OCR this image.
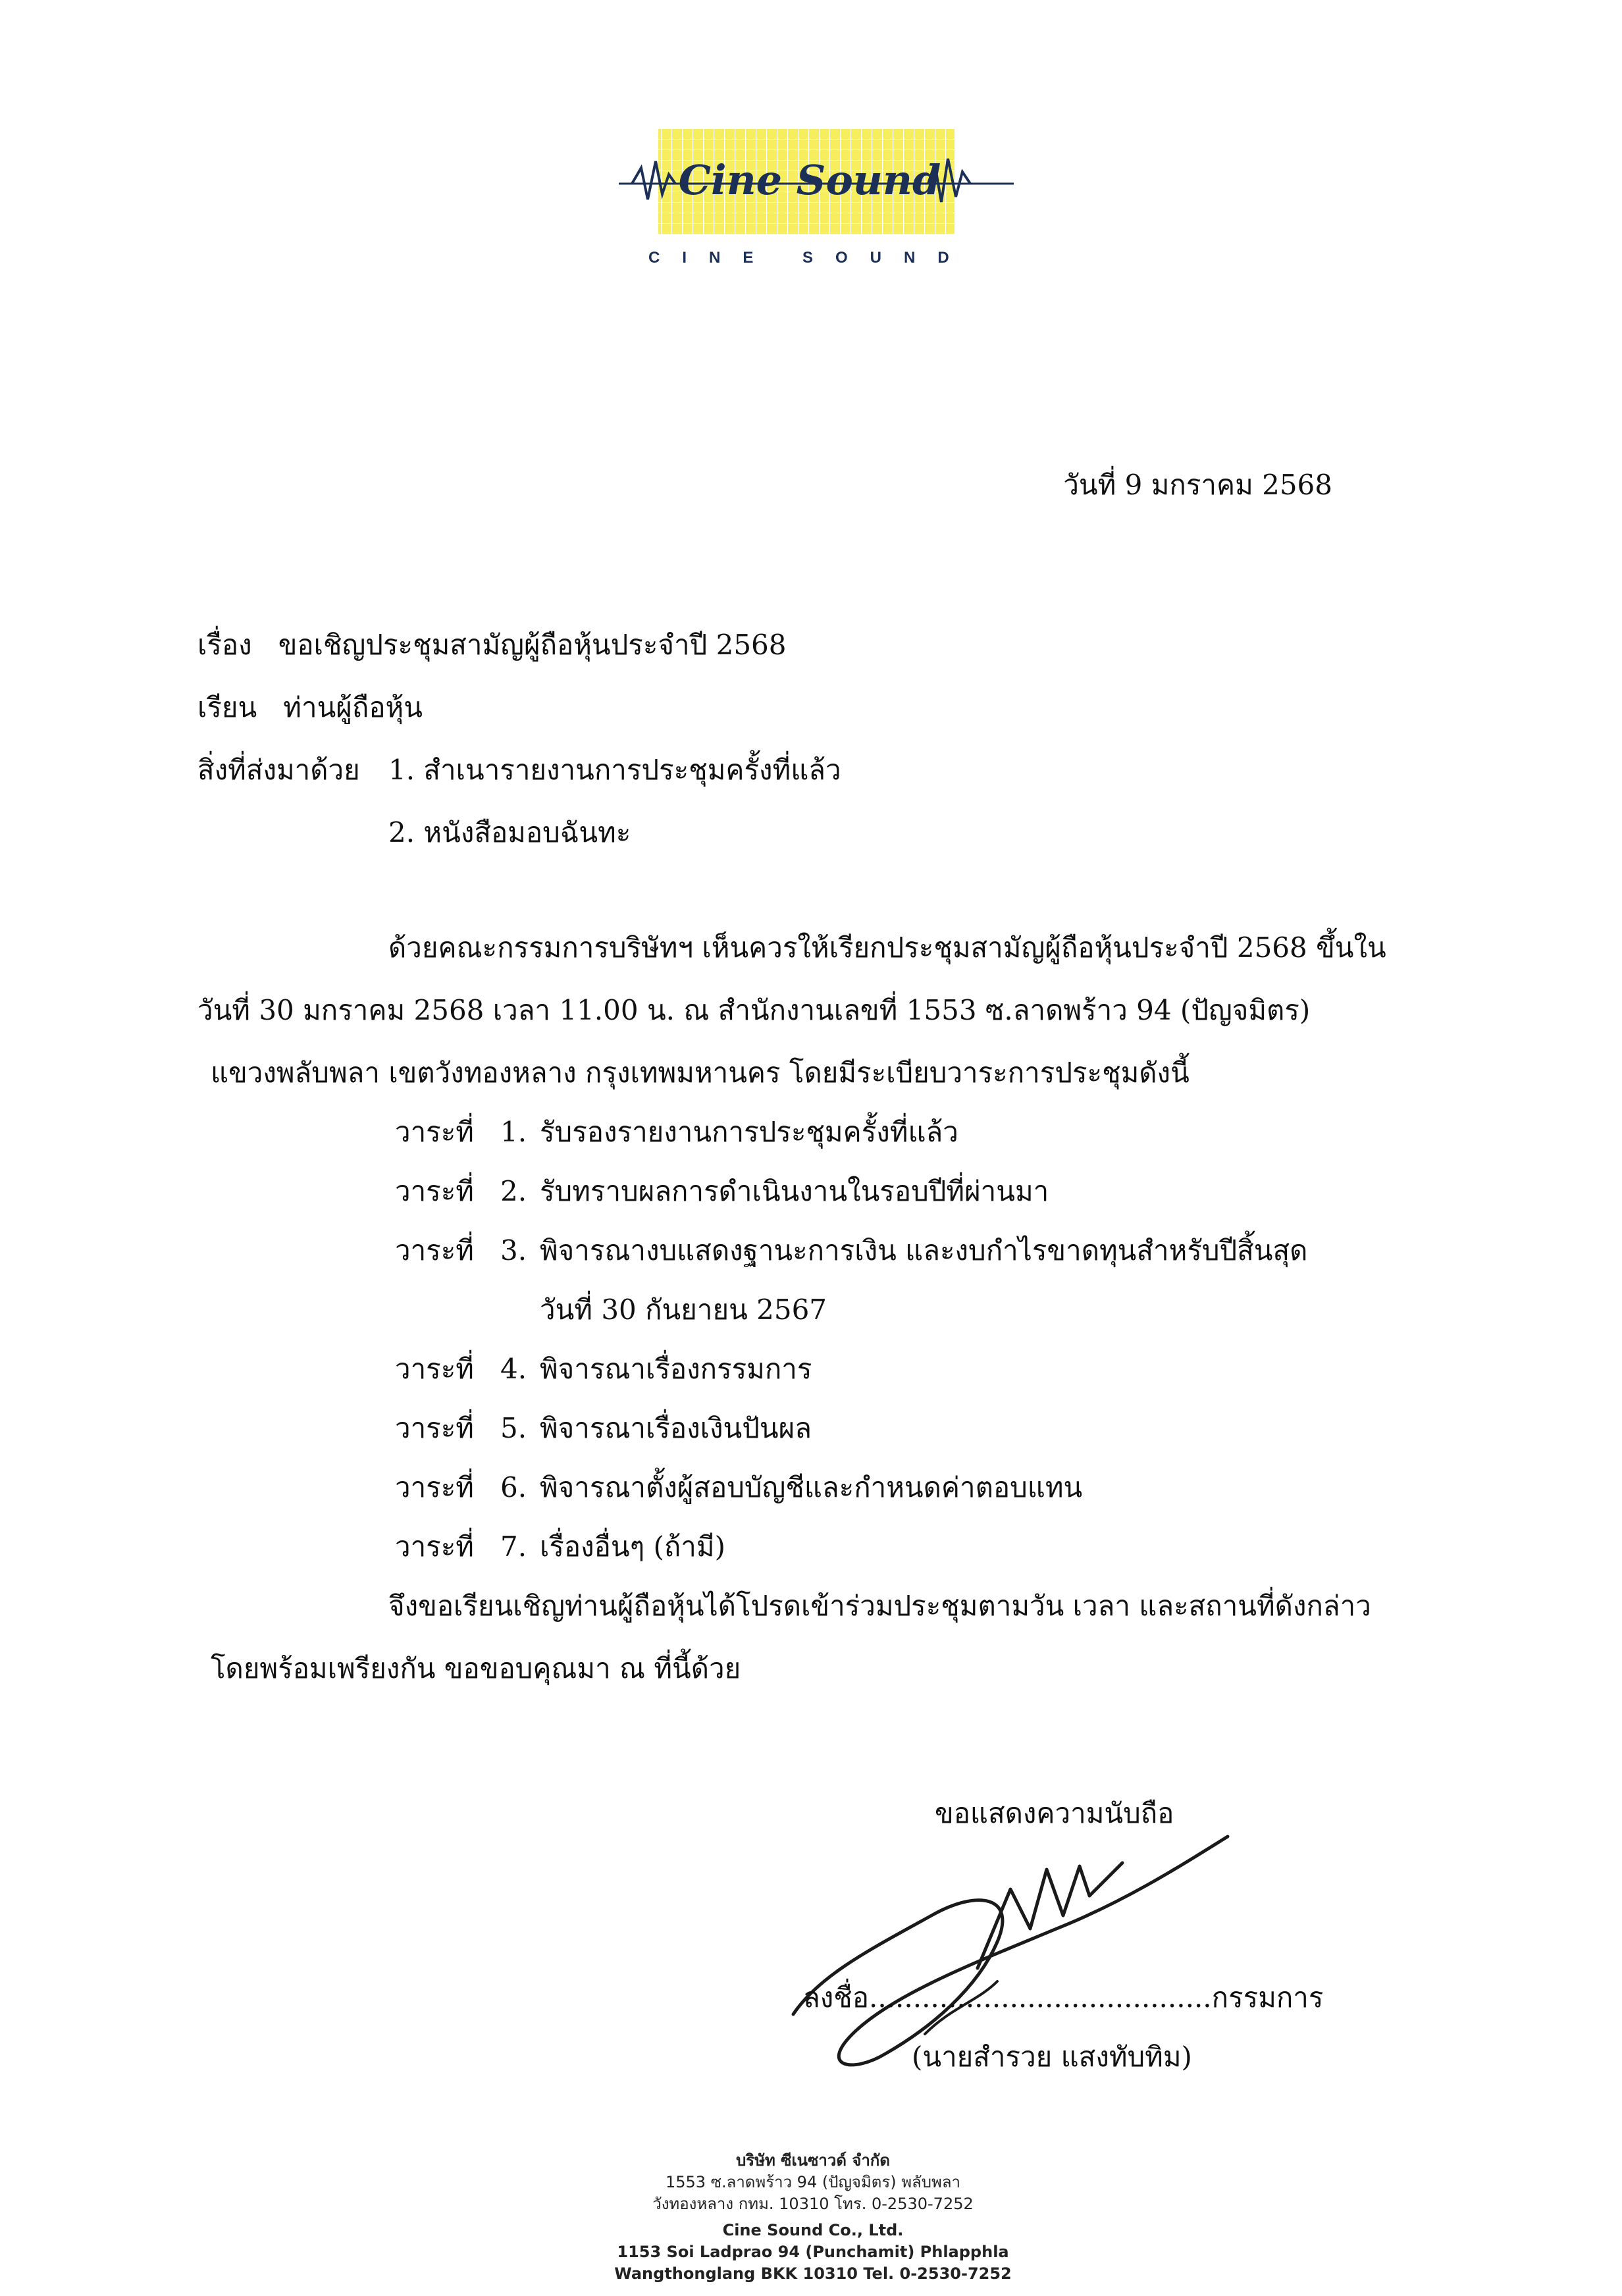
Cine Sound
CINE SOUND
วันที่ 9 มกราคม 2568
เรื่อง ขอเชิญประชุมสามัญผู้ถือหุ้นประจำปี 2568
เรียน ท่านผู้ถือหุ้น
สิ่งที่ส่งมาด้วย 1. สำเนารายงานการประชุมครั้งที่แล้ว
2. หนังสือมอบฉันทะ
ด้วยคณะกรรมการบริษัทฯ เห็นควรให้เรียกประชุมสามัญผู้ถือหุ้นประจำปี 2568 ขึ้นใน
วันที่ 30 มกราคม 2568 เวลา 11.00 น. ณ สำนักงานเลขที่ 1553 ซ.ลาดพร้าว 94 (ปัญจมิตร)
แขวงพลับพลา เขตวังทองหลาง กรุงเทพมหานคร โดยมีระเบียบวาระการประชุมดังนี้
วาระที่ 1. รับรองรายงานการประชุมครั้งที่แล้ว
วาระที่ 2. รับทราบผลการดำเนินงานในรอบปีที่ผ่านมา
วาระที่ 3. พิจารณางบแสดงฐานะการเงิน และงบกำไรขาดทุนสำหรับปีสิ้นสุด
วันที่ 30 กันยายน 2567
วาระที่ 4. พิจารณาเรื่องกรรมการ
วาระที่ 5. พิจารณาเรื่องเงินปันผล
วาระที่ 6. พิจารณาตั้งผู้สอบบัญชีและกำหนดค่าตอบแทน
วาระที่ 7. เรื่องอื่นๆ (ถ้ามี)
จึงขอเรียนเชิญท่านผู้ถือหุ้นได้โปรดเข้าร่วมประชุมตามวัน เวลา และสถานที่ดังกล่าว
โดยพร้อมเพรียงกัน ขอขอบคุณมา ณ ที่นี้ด้วย
ขอแสดงความนับถือ
ลงชื่อ.......................................กรรมการ
(นายสำรวย แสงทับทิม)
บริษัท ซีเนซาวด์ จำกัด
1553 ซ.ลาดพร้าว 94 (ปัญจมิตร) พลับพลา
วังทองหลาง กทม. 10310 โทร. 0-2530-7252
Cine Sound Co., Ltd.
1153 Soi Ladprao 94 (Punchamit) Phlapphla
Wangthonglang BKK 10310 Tel. 0-2530-7252
